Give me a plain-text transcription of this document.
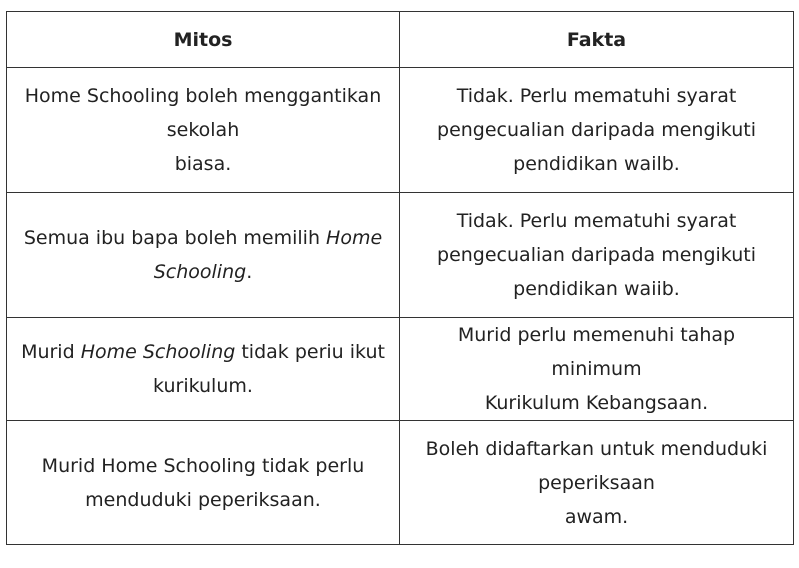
Mitos	Fakta

Home Schooling boleh menggantikan
sekolah
biasa.	Tidak. Perlu mematuhi syarat
pengecualian daripada mengikuti
pendidikan wailb.

Semua ibu bapa boleh memilih Home
Schooling.	Tidak. Perlu mematuhi syarat
pengecualian daripada mengikuti
pendidikan waiib.

Murid Home Schooling tidak periu ikut
kurikulum.	Murid perlu memenuhi tahap minimum
Kurikulum Kebangsaan.

Murid Home Schooling tidak perlu
menduduki peperiksaan.	Boleh didaftarkan untuk menduduki
peperiksaan
awam.
